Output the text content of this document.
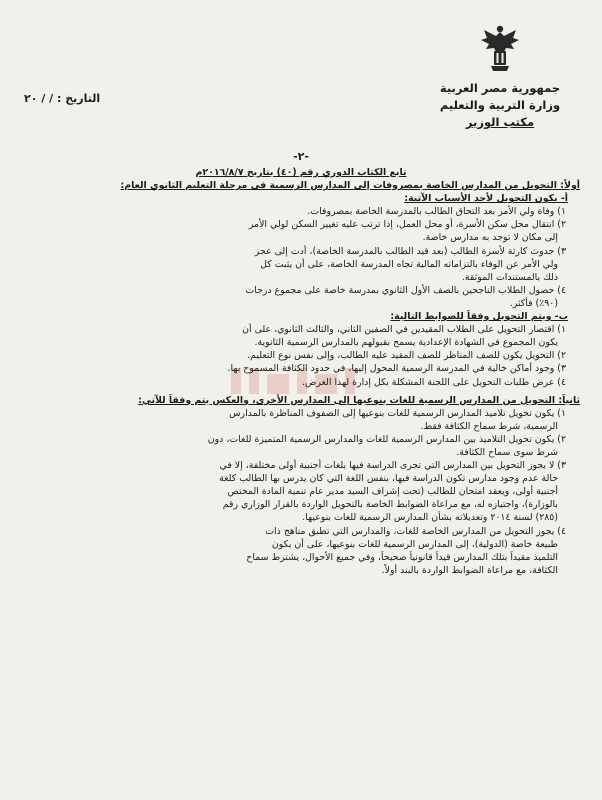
جمهورية مصر العربية
وزارة التربية والتعليم
مكتب الوزير
التاريخ : / / ٢٠
-٢-
تابع الكتاب الدوري رقم (٤٠) بتاريخ ٢٠١٦/٨/٧م
أولاً: التحويل من المدارس الخاصة بمصروفات إلى المدارس الرسمية في مرحلة التعليم الثانوي العام:
أ- يكون التحويل لأحد الأسباب الآتية:
١) وفاة ولي الأمر بعد التحاق الطالب بالمدرسة الخاصة بمصروفات.
٢) انتقال محل سكن الأسرة، أو محل العمل، إذا ترتب عليه تغيير السكن لولي الأمر
إلى مكان لا توجد به مدارس خاصة.
٣) حدوث كارثة لأسرة الطالب (بعد قيد الطالب بالمدرسة الخاصة)، أدت إلى عجز
ولي الأمر عن الوفاء بالتزاماته المالية تجاه المدرسة الخاصة، على أن يثبت كل
ذلك بالمستندات الموثقة.
٤) حصول الطلاب الناجحين بالصف الأول الثانوي بمدرسة خاصة على مجموع درجات
(٩٠٪) فأكثر.
ب- ويتم التحويل وفقاً للضوابط التالية:
١) اقتصار التحويل على الطلاب المقيدين في الصفين الثاني، والثالث الثانوي، على أن
يكون المجموع في الشهادة الإعدادية يسمح بقبولهم بالمدارس الرسمية الثانوية.
٢) التحويل يكون للصف المناظر للصف المقيد عليه الطالب، وإلى نفس نوع التعليم.
٣) وجود أماكن خالية في المدرسة الرسمية المحول إليها، في حدود الكثافة المسموح بها.
٤) عرض طلبات التحويل على اللجنة المشكلة بكل إدارة لهذا الغرض.
ثانياً: التحويل من المدارس الرسمية للغات بنوعيها إلى المدارس الأخرى، والعكس يتم وفقاً للآتي:
١) يكون تحويل تلاميذ المدارس الرسمية للغات بنوعيها إلى الصفوف المناظرة بالمدارس
الرسمية، شرط سماح الكثافة فقط.
٢) يكون تحويل التلاميذ بين المدارس الرسمية للغات والمدارس الرسمية المتميزة للغات، دون
شرط سوى سماح الكثافة.
٣) لا يجوز التحويل بين المدارس التي تجرى الدراسة فيها بلغات أجنبية أولى مختلفة، إلا في
حالة عدم وجود مدارس تكون الدراسة فيها، بنفس اللغة التي كان يدرس بها الطالب كلغة
أجنبية أولى، ويعقد امتحان للطالب (تحت إشراف السيد مدير عام تنمية المادة المختص
بالوزارة)، واجتيازه له، مع مراعاة الضوابط الخاصة بالتحويل الواردة بالقرار الوزاري رقم
(٢٨٥) لسنة ٢٠١٤ وتعديلاته بشأن المدارس الرسمية للغات بنوعيها.
٤) يجوز التحويل من المدارس الخاصة للغات، والمدارس التي تطبق مناهج ذات
طبيعة خاصة (الدولية)، إلى المدارس الرسمية للغات بنوعيها، على أن يكون
التلميذ مقيداً بتلك المدارس قيداً قانونياً صحيحاً، وفي جميع الأحوال، يشترط سماح
الكثافة، مع مراعاة الضوابط الواردة بالبند أولاً.
